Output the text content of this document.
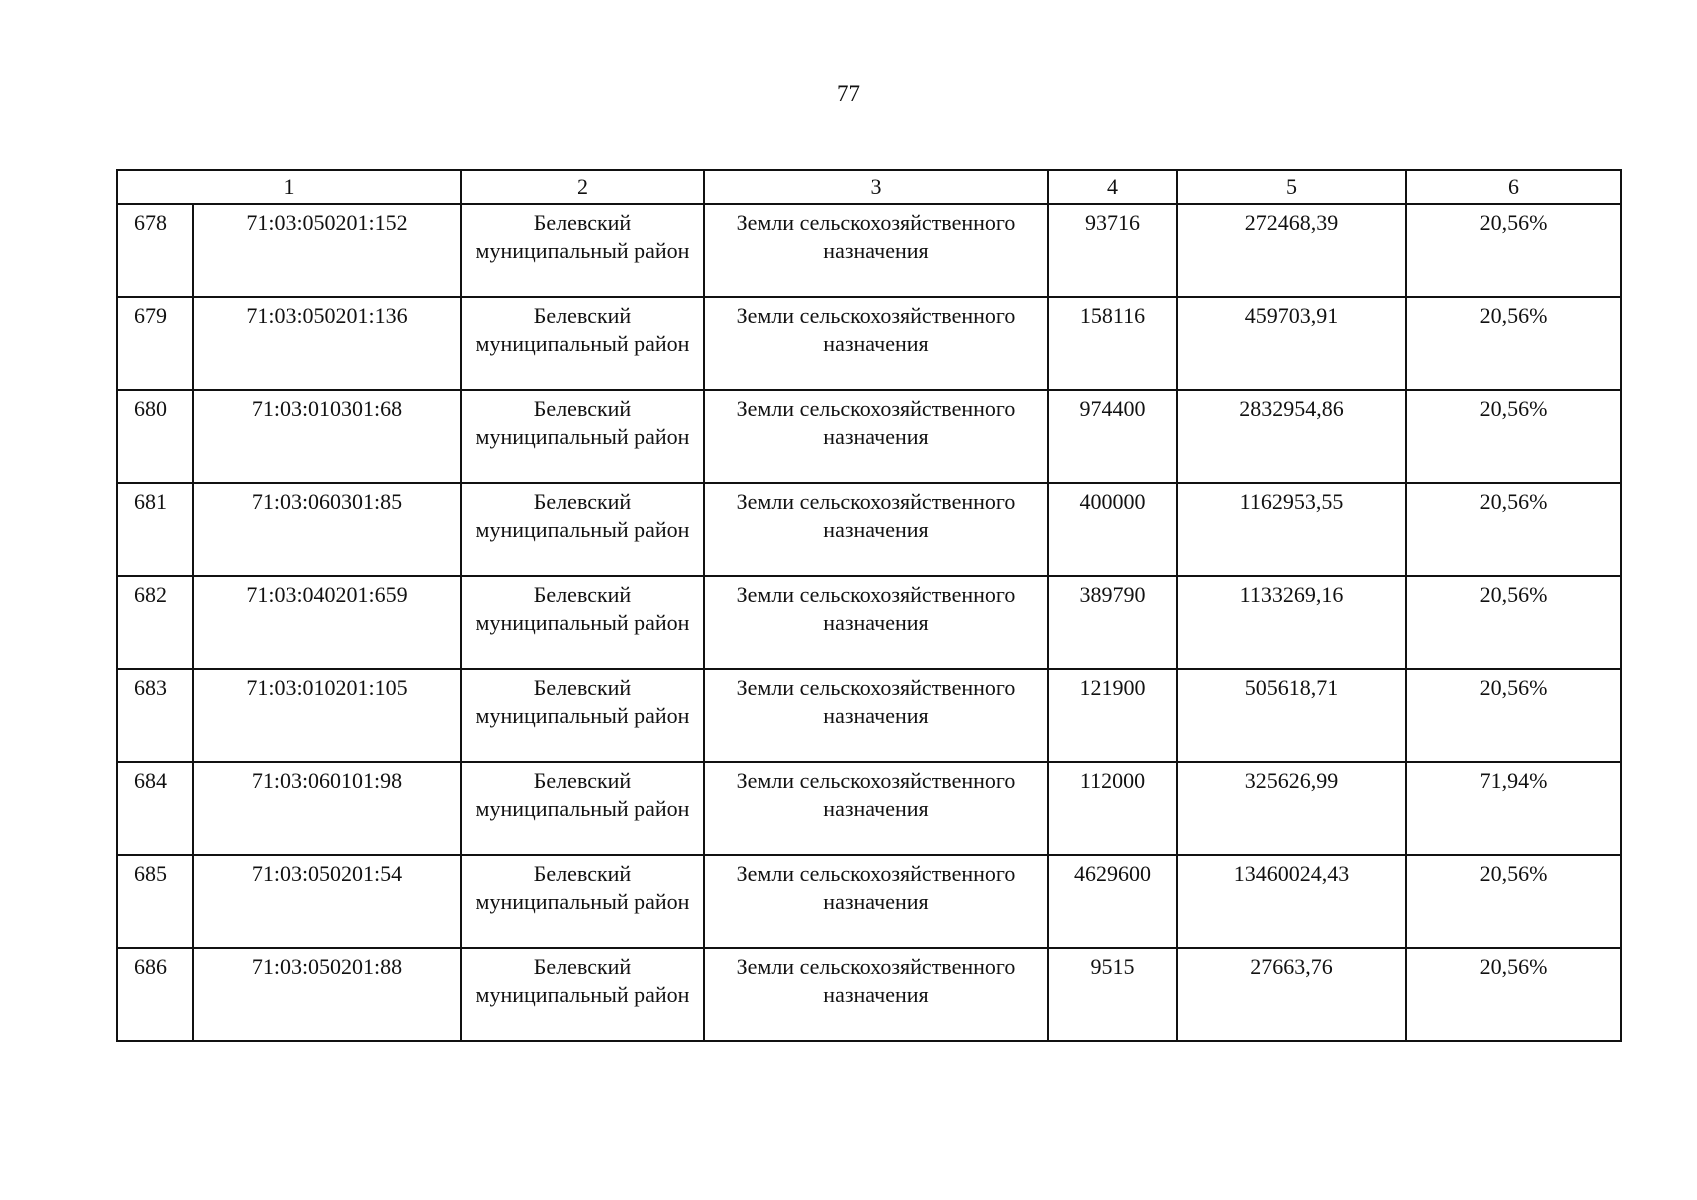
77
1		2	3	4	5	6
678	71:03:050201:152	Белевский муниципальный район	Земли сельскохозяйственного назначения	93716	272468,39	20,56%
679	71:03:050201:136	Белевский муниципальный район	Земли сельскохозяйственного назначения	158116	459703,91	20,56%
680	71:03:010301:68	Белевский муниципальный район	Земли сельскохозяйственного назначения	974400	2832954,86	20,56%
681	71:03:060301:85	Белевский муниципальный район	Земли сельскохозяйственного назначения	400000	1162953,55	20,56%
682	71:03:040201:659	Белевский муниципальный район	Земли сельскохозяйственного назначения	389790	1133269,16	20,56%
683	71:03:010201:105	Белевский муниципальный район	Земли сельскохозяйственного назначения	121900	505618,71	20,56%
684	71:03:060101:98	Белевский муниципальный район	Земли сельскохозяйственного назначения	112000	325626,99	71,94%
685	71:03:050201:54	Белевский муниципальный район	Земли сельскохозяйственного назначения	4629600	13460024,43	20,56%
686	71:03:050201:88	Белевский муниципальный район	Земли сельскохозяйственного назначения	9515	27663,76	20,56%
